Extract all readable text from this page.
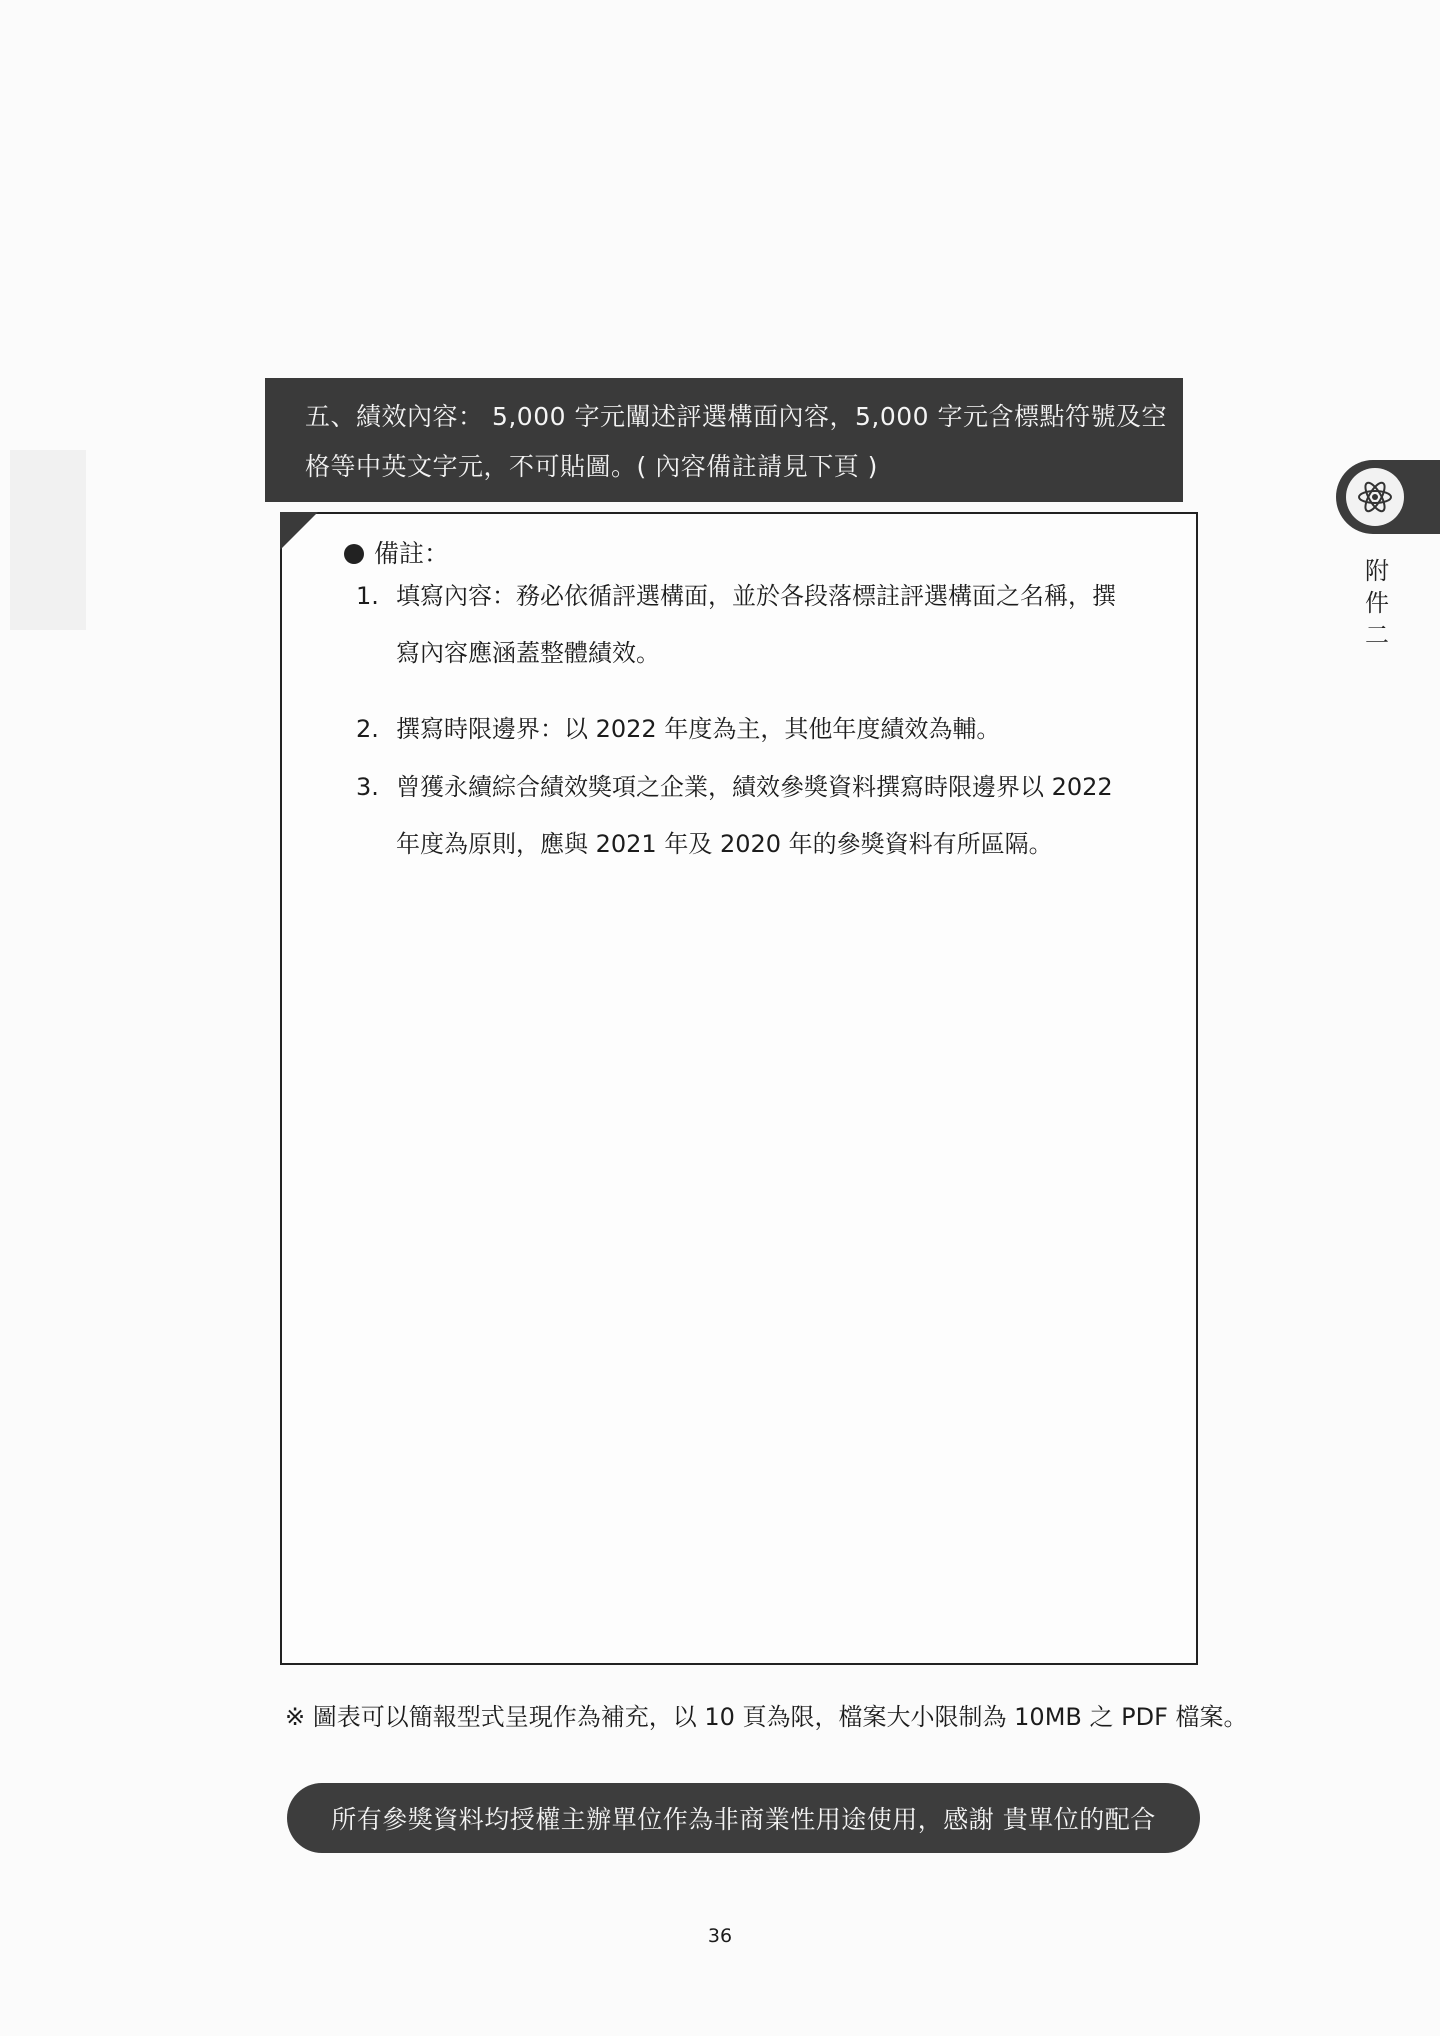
五、績效內容： 5,000 字元闡述評選構面內容，5,000 字元含標點符號及空
格等中英文字元，不可貼圖。( 內容備註請見下頁 )
備註：
1. 填寫內容：務必依循評選構面，並於各段落標註評選構面之名稱，撰
寫內容應涵蓋整體績效。
2. 撰寫時限邊界：以 2022 年度為主，其他年度績效為輔。
3. 曾獲永續綜合績效獎項之企業，績效參獎資料撰寫時限邊界以 2022
年度為原則，應與 2021 年及 2020 年的參獎資料有所區隔。
※ 圖表可以簡報型式呈現作為補充，以 10 頁為限，檔案大小限制為 10MB 之 PDF 檔案。
所有參獎資料均授權主辦單位作為非商業性用途使用，感謝 貴單位的配合
36
附
件
二
